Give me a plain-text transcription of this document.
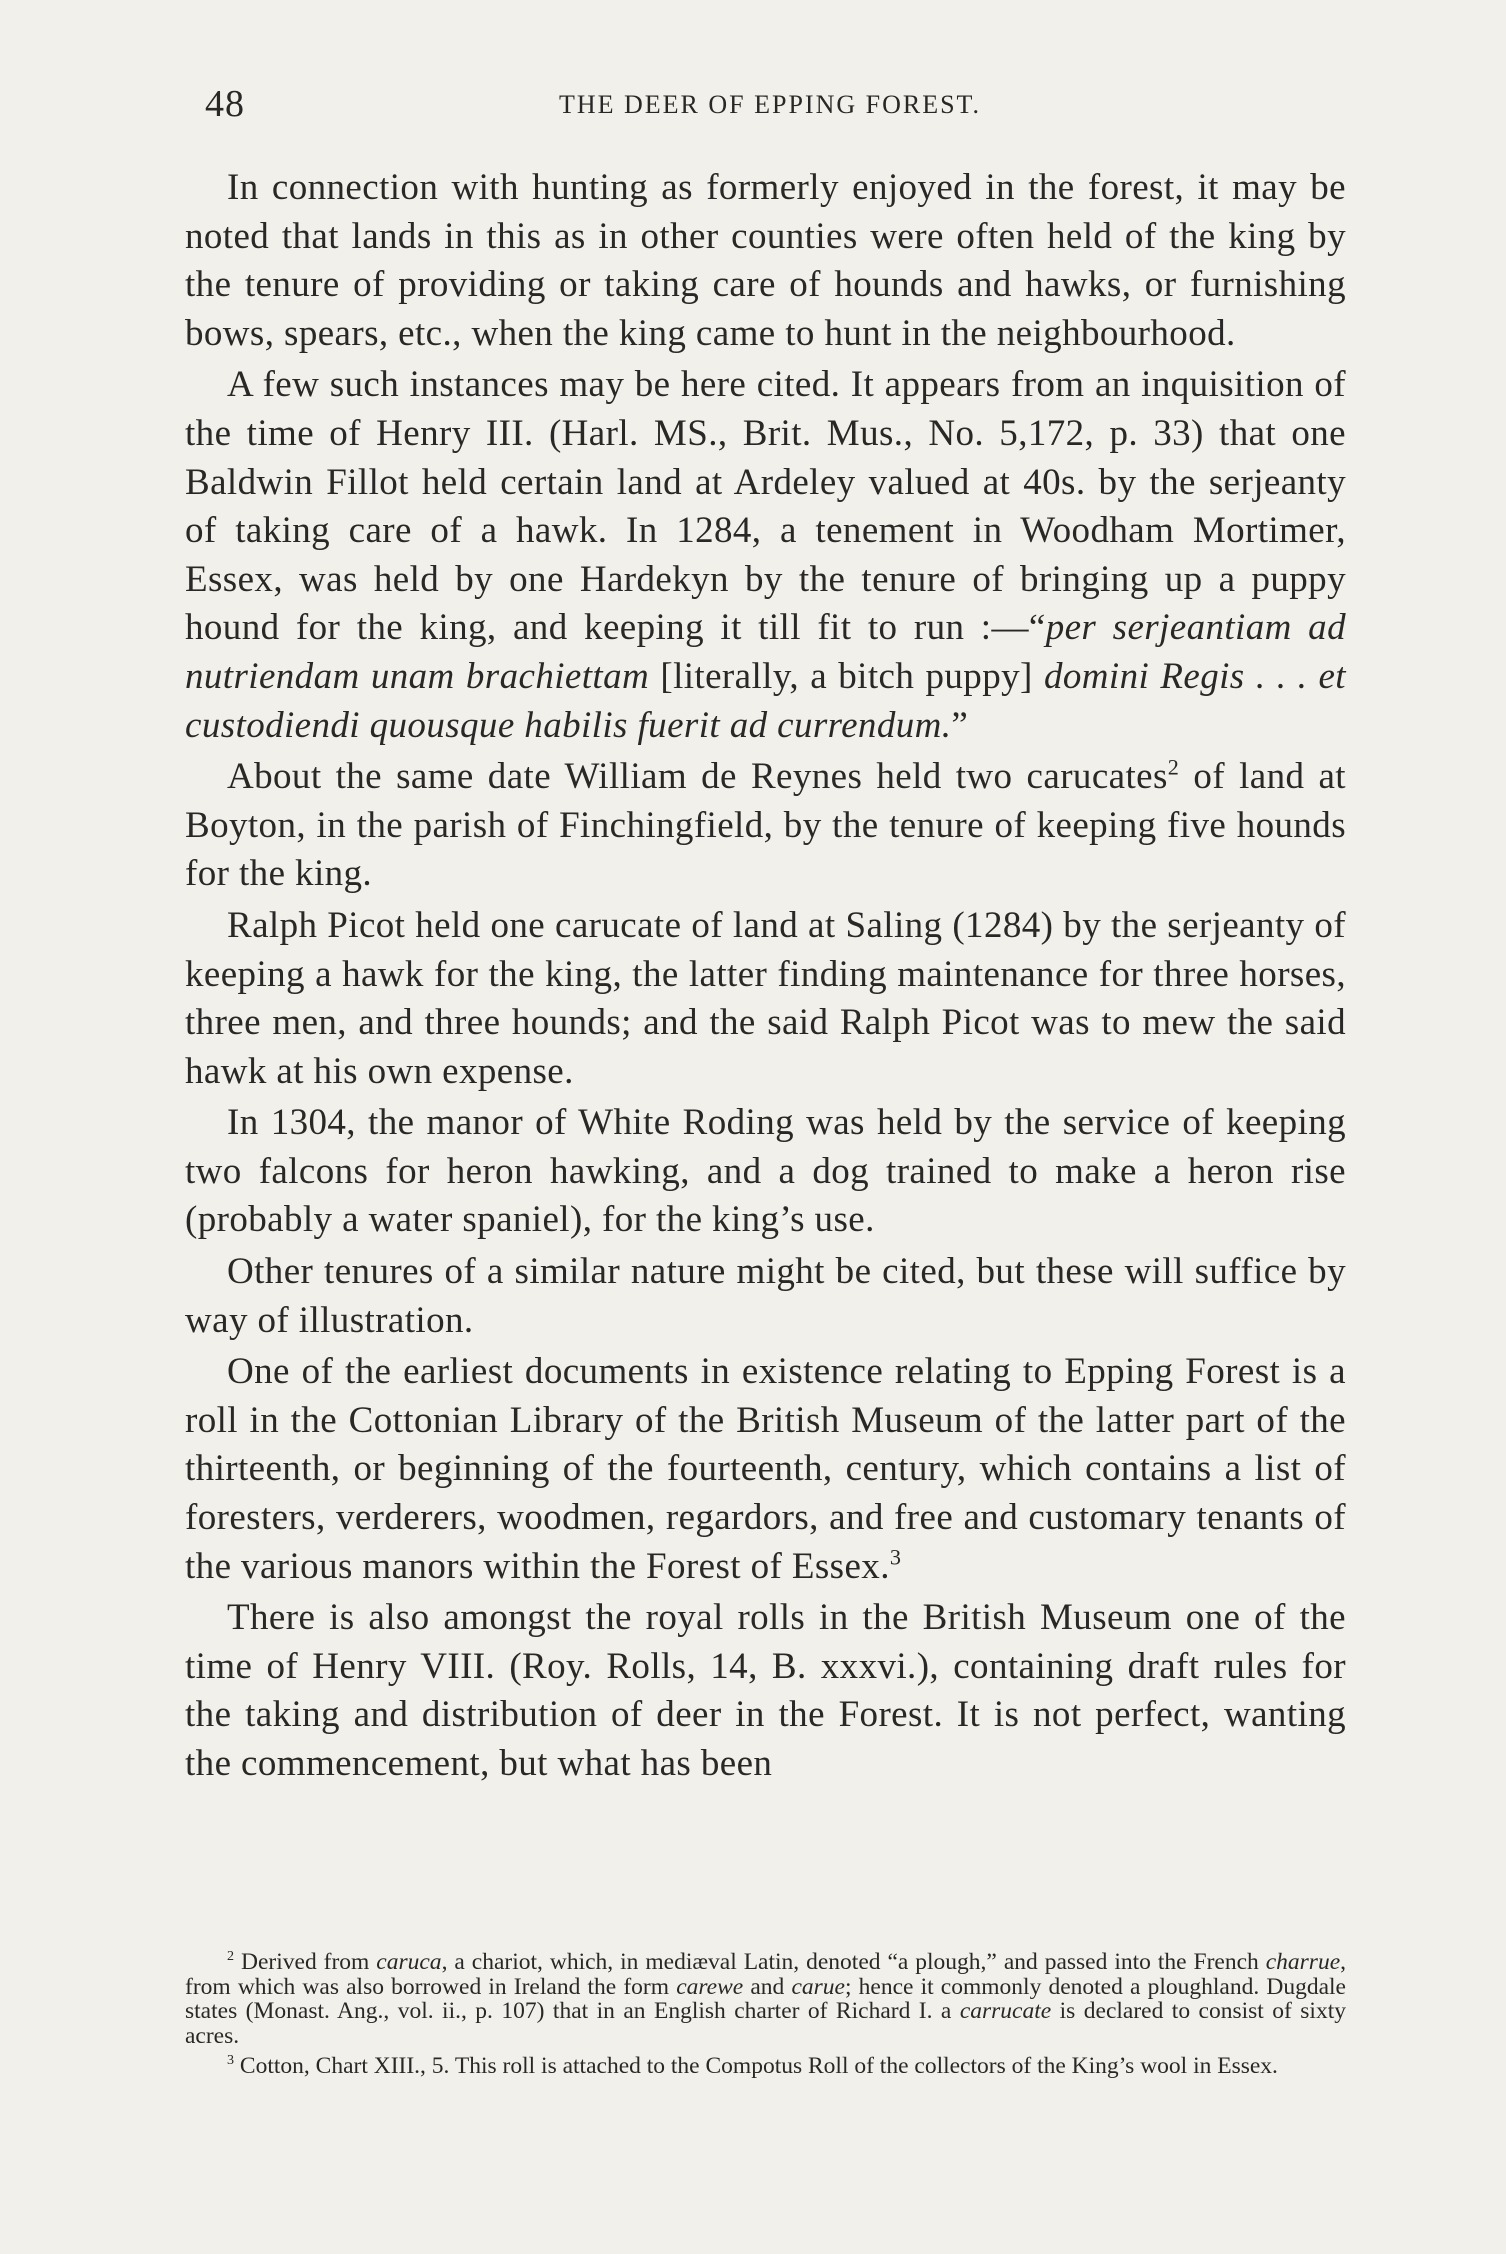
48	THE DEER OF EPPING FOREST.

In connection with hunting as formerly enjoyed in the forest, it may be noted that lands in this as in other counties were often held of the king by the tenure of providing or taking care of hounds and hawks, or furnishing bows, spears, etc., when the king came to hunt in the neighbourhood.

A few such instances may be here cited. It appears from an inquisition of the time of Henry III. (Harl. MS., Brit. Mus., No. 5,172, p. 33) that one Baldwin Fillot held certain land at Ardeley valued at 40s. by the serjeanty of taking care of a hawk. In 1284, a tenement in Woodham Mortimer, Essex, was held by one Hardekyn by the tenure of bringing up a puppy hound for the king, and keeping it till fit to run :—“per serjeantiam ad nutriendam unam brachiettam [literally, a bitch puppy] domini Regis . . . et custodiendi quousque habilis fuerit ad currendum.”

About the same date William de Reynes held two carucates$^2$ of land at Boyton, in the parish of Finchingfield, by the tenure of keeping five hounds for the king.

Ralph Picot held one carucate of land at Saling (1284) by the serjeanty of keeping a hawk for the king, the latter finding maintenance for three horses, three men, and three hounds; and the said Ralph Picot was to mew the said hawk at his own expense.

In 1304, the manor of White Roding was held by the service of keeping two falcons for heron hawking, and a dog trained to make a heron rise (probably a water spaniel), for the king’s use.

Other tenures of a similar nature might be cited, but these will suffice by way of illustration.

One of the earliest documents in existence relating to Epping Forest is a roll in the Cottonian Library of the British Museum of the latter part of the thirteenth, or beginning of the fourteenth, century, which contains a list of foresters, verderers, woodmen, regardors, and free and customary tenants of the various manors within the Forest of Essex.$^3$

There is also amongst the royal rolls in the British Museum one of the time of Henry VIII. (Roy. Rolls, 14, B. xxxvi.), containing draft rules for the taking and distribution of deer in the Forest. It is not perfect, wanting the commencement, but what has been

$^2$ Derived from caruca, a chariot, which, in mediæval Latin, denoted “a plough,” and passed into the French charrue, from which was also borrowed in Ireland the form carewe and carue; hence it commonly denoted a ploughland. Dugdale states (Monast. Ang., vol. ii., p. 107) that in an English charter of Richard I. a carrucate is declared to consist of sixty acres.

$^3$ Cotton, Chart XIII., 5. This roll is attached to the Compotus Roll of the collectors of the King’s wool in Essex.
